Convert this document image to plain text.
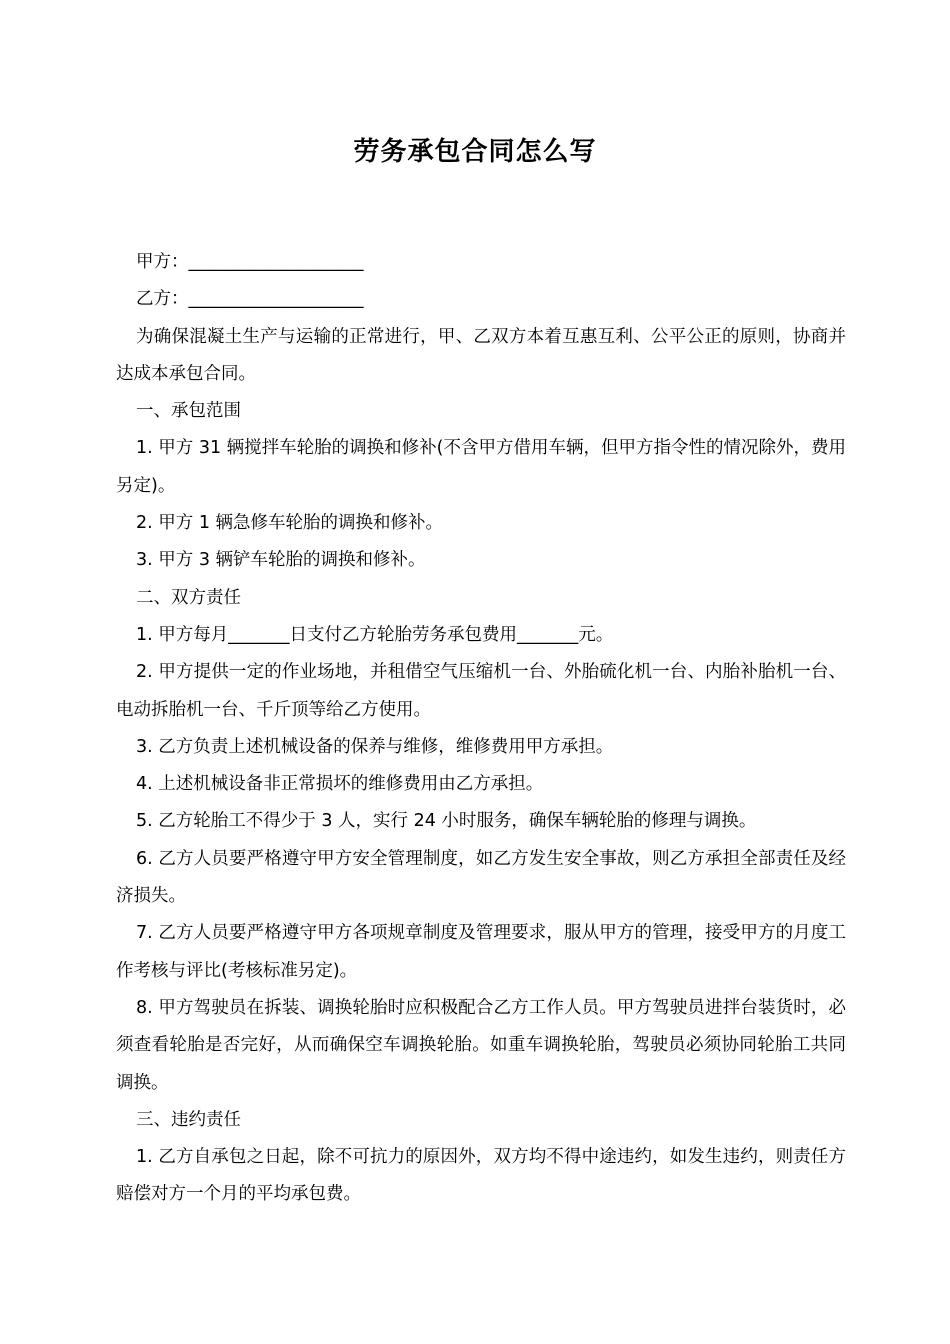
劳务承包合同怎么写

甲方：____________________

乙方：____________________

为确保混凝土生产与运输的正常进行，甲、乙双方本着互惠互利、公平公正的原则，协商并达成本承包合同。

一、承包范围

1. 甲方 31 辆搅拌车轮胎的调换和修补(不含甲方借用车辆，但甲方指令性的情况除外，费用另定)。

2. 甲方 1 辆急修车轮胎的调换和修补。

3. 甲方 3 辆铲车轮胎的调换和修补。

二、双方责任

1. 甲方每月_______日支付乙方轮胎劳务承包费用_______元。

2. 甲方提供一定的作业场地，并租借空气压缩机一台、外胎硫化机一台、内胎补胎机一台、电动拆胎机一台、千斤顶等给乙方使用。

3. 乙方负责上述机械设备的保养与维修，维修费用甲方承担。

4. 上述机械设备非正常损坏的维修费用由乙方承担。

5. 乙方轮胎工不得少于 3 人，实行 24 小时服务，确保车辆轮胎的修理与调换。

6. 乙方人员要严格遵守甲方安全管理制度，如乙方发生安全事故，则乙方承担全部责任及经济损失。

7. 乙方人员要严格遵守甲方各项规章制度及管理要求，服从甲方的管理，接受甲方的月度工作考核与评比(考核标准另定)。

8. 甲方驾驶员在拆装、调换轮胎时应积极配合乙方工作人员。甲方驾驶员进拌台装货时，必须查看轮胎是否完好，从而确保空车调换轮胎。如重车调换轮胎，驾驶员必须协同轮胎工共同调换。

三、违约责任

1. 乙方自承包之日起，除不可抗力的原因外，双方均不得中途违约，如发生违约，则责任方赔偿对方一个月的平均承包费。
